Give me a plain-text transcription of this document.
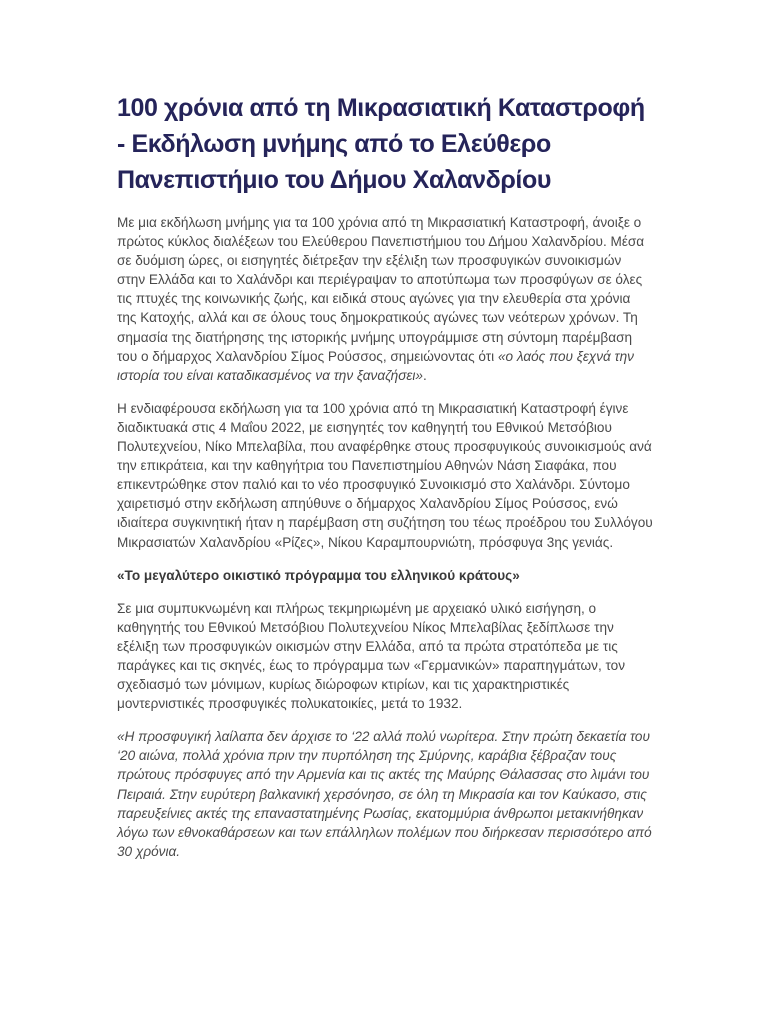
100 χρόνια από τη Μικρασιατική Καταστροφή - Εκδήλωση μνήμης από το Ελεύθερο Πανεπιστήμιο του Δήμου Χαλανδρίου

Με μια εκδήλωση μνήμης για τα 100 χρόνια από τη Μικρασιατική Καταστροφή, άνοιξε ο πρώτος κύκλος διαλέξεων του Ελεύθερου Πανεπιστήμιου του Δήμου Χαλανδρίου. Μέσα σε δυόμιση ώρες, οι εισηγητές διέτρεξαν την εξέλιξη των προσφυγικών συνοικισμών στην Ελλάδα και το Χαλάνδρι και περιέγραψαν το αποτύπωμα των προσφύγων σε όλες τις πτυχές της κοινωνικής ζωής, και ειδικά στους αγώνες για την ελευθερία στα χρόνια της Κατοχής, αλλά και σε όλους τους δημοκρατικούς αγώνες των νεότερων χρόνων. Τη σημασία της διατήρησης της ιστορικής μνήμης υπογράμμισε στη σύντομη παρέμβαση του ο δήμαρχος Χαλανδρίου Σίμος Ρούσσος, σημειώνοντας ότι «ο λαός που ξεχνά την ιστορία του είναι καταδικασμένος να την ξαναζήσει».

Η ενδιαφέρουσα εκδήλωση για τα 100 χρόνια από τη Μικρασιατική Καταστροφή έγινε διαδικτυακά στις 4 Μαΐου 2022, με εισηγητές τον καθηγητή του Εθνικού Μετσόβιου Πολυτεχνείου, Νίκο Μπελαβίλα, που αναφέρθηκε στους προσφυγικούς συνοικισμούς ανά την επικράτεια, και την καθηγήτρια του Πανεπιστημίου Αθηνών Νάση Σιαφάκα, που επικεντρώθηκε στον παλιό και το νέο προσφυγικό Συνοικισμό στο Χαλάνδρι. Σύντομο χαιρετισμό στην εκδήλωση απηύθυνε ο δήμαρχος Χαλανδρίου Σίμος Ρούσσος, ενώ ιδιαίτερα συγκινητική ήταν η παρέμβαση στη συζήτηση του τέως προέδρου του Συλλόγου Μικρασιατών Χαλανδρίου «Ρίζες», Νίκου Καραμπουρνιώτη, πρόσφυγα 3ης γενιάς.

«Το μεγαλύτερο οικιστικό πρόγραμμα του ελληνικού κράτους»

Σε μια συμπυκνωμένη και πλήρως τεκμηριωμένη με αρχειακό υλικό εισήγηση, ο καθηγητής του Εθνικού Μετσόβιου Πολυτεχνείου Νίκος Μπελαβίλας ξεδίπλωσε την εξέλιξη των προσφυγικών οικισμών στην Ελλάδα, από τα πρώτα στρατόπεδα με τις παράγκες και τις σκηνές, έως το πρόγραμμα των «Γερμανικών» παραπηγμάτων, τον σχεδιασμό των μόνιμων, κυρίως διώροφων κτιρίων, και τις χαρακτηριστικές μοντερνιστικές προσφυγικές πολυκατοικίες, μετά το 1932.

«Η προσφυγική λαίλαπα δεν άρχισε το ‘22 αλλά πολύ νωρίτερα. Στην πρώτη δεκαετία του ‘20 αιώνα, πολλά χρόνια πριν την πυρπόληση της Σμύρνης, καράβια ξέβραζαν τους πρώτους πρόσφυγες από την Αρμενία και τις ακτές της Μαύρης Θάλασσας στο λιμάνι του Πειραιά. Στην ευρύτερη βαλκανική χερσόνησο, σε όλη τη Μικρασία και τον Καύκασο, στις παρευξείνιες ακτές της επαναστατημένης Ρωσίας, εκατομμύρια άνθρωποι μετακινήθηκαν λόγω των εθνοκαθάρσεων και των επάλληλων πολέμων που διήρκεσαν περισσότερο από 30 χρόνια.
